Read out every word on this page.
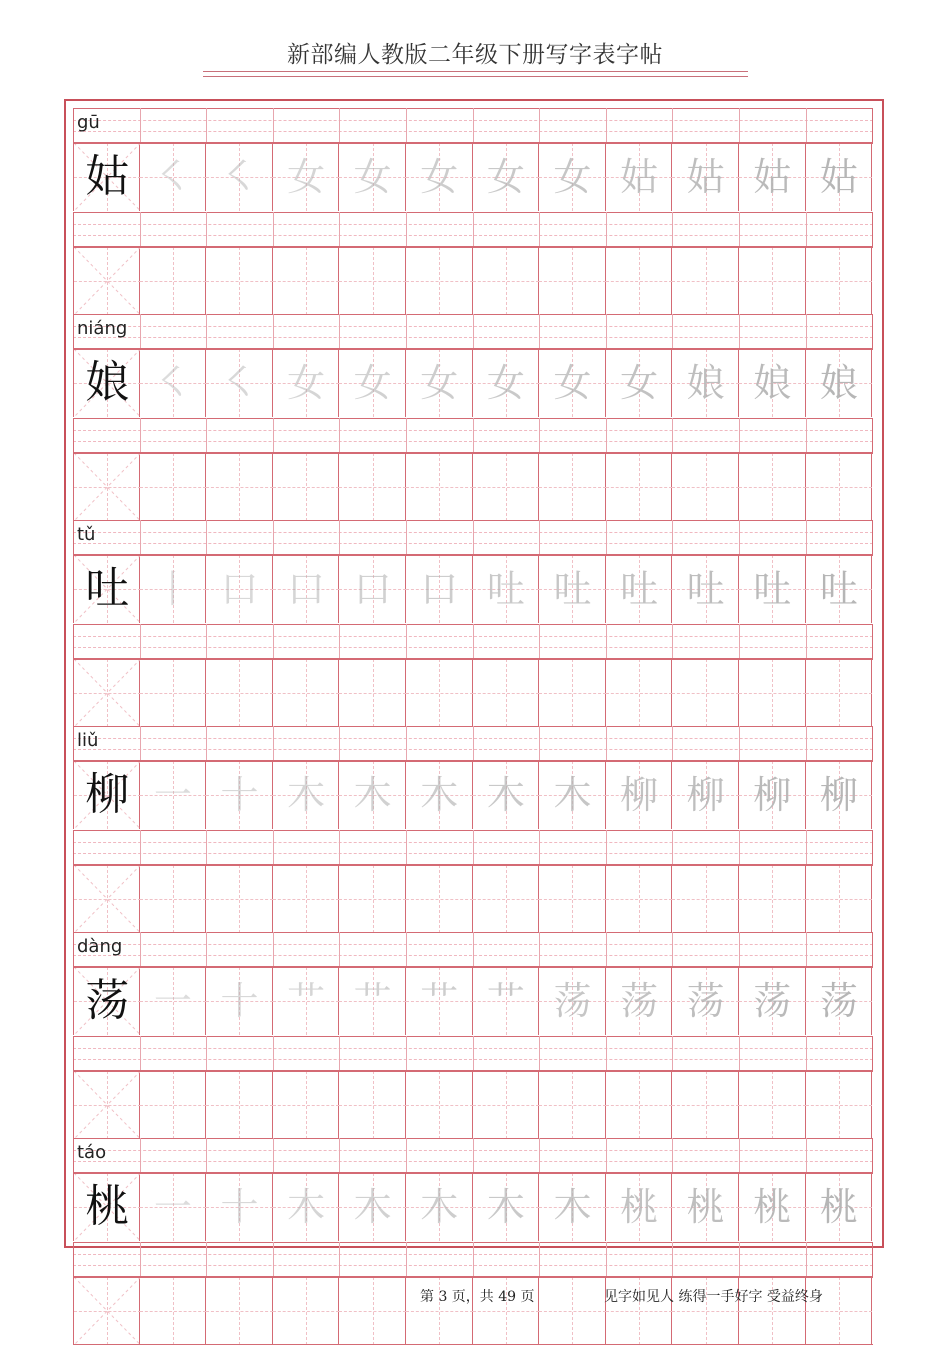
新部编人教版二年级下册写字表字帖
gū
姑 ㇛ ㇛ 女 女 女 女 女 姑 姑 姑 姑
niáng
娘 ㇛ ㇛ 女 女 女 女 女 女 娘 娘 娘
tǔ
吐 丨 口 口 口 口 吐 吐 吐 吐 吐 吐
liǔ
柳 一 十 木 木 木 木 木 柳 柳 柳 柳
dàng
荡 一 十 艹 艹 艹 艹 荡 荡 荡 荡 荡
táo
桃 一 十 木 木 木 木 木 桃 桃 桃 桃
第 3 页，共 49 页	见字如见人 练得一手好字 受益终身
